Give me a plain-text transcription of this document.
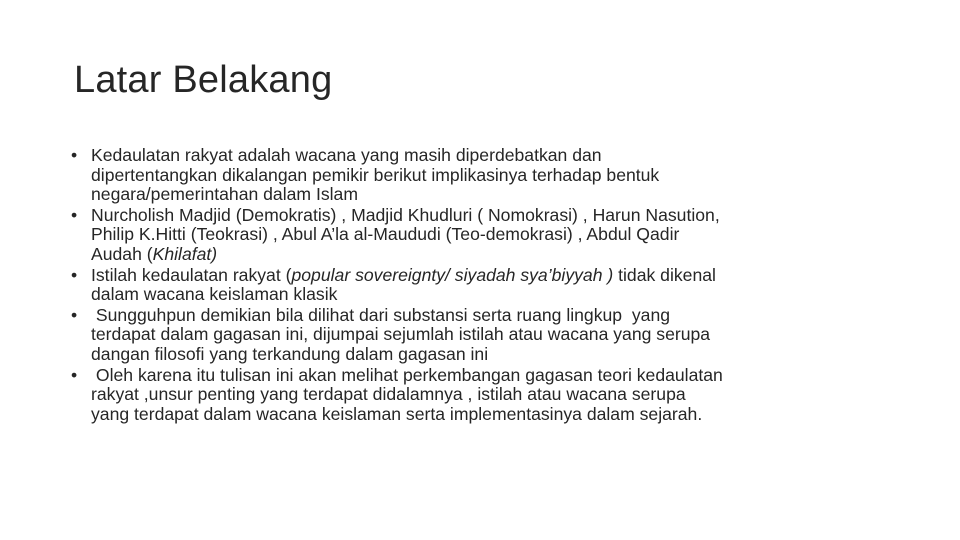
Latar Belakang
• Kedaulatan rakyat adalah wacana yang masih diperdebatkan dan
dipertentangkan dikalangan pemikir berikut implikasinya terhadap bentuk
negara/pemerintahan dalam Islam
• Nurcholish Madjid (Demokratis) , Madjid Khudluri ( Nomokrasi) , Harun Nasution,
Philip K.Hitti (Teokrasi) , Abul A’la al-Maududi (Teo-demokrasi) , Abdul Qadir
Audah (Khilafat)
• Istilah kedaulatan rakyat (popular sovereignty/ siyadah sya’biyyah ) tidak dikenal
dalam wacana keislaman klasik
• Sungguhpun demikian bila dilihat dari substansi serta ruang lingkup  yang
terdapat dalam gagasan ini, dijumpai sejumlah istilah atau wacana yang serupa
dangan filosofi yang terkandung dalam gagasan ini
• Oleh karena itu tulisan ini akan melihat perkembangan gagasan teori kedaulatan
rakyat ,unsur penting yang terdapat didalamnya , istilah atau wacana serupa
yang terdapat dalam wacana keislaman serta implementasinya dalam sejarah.
